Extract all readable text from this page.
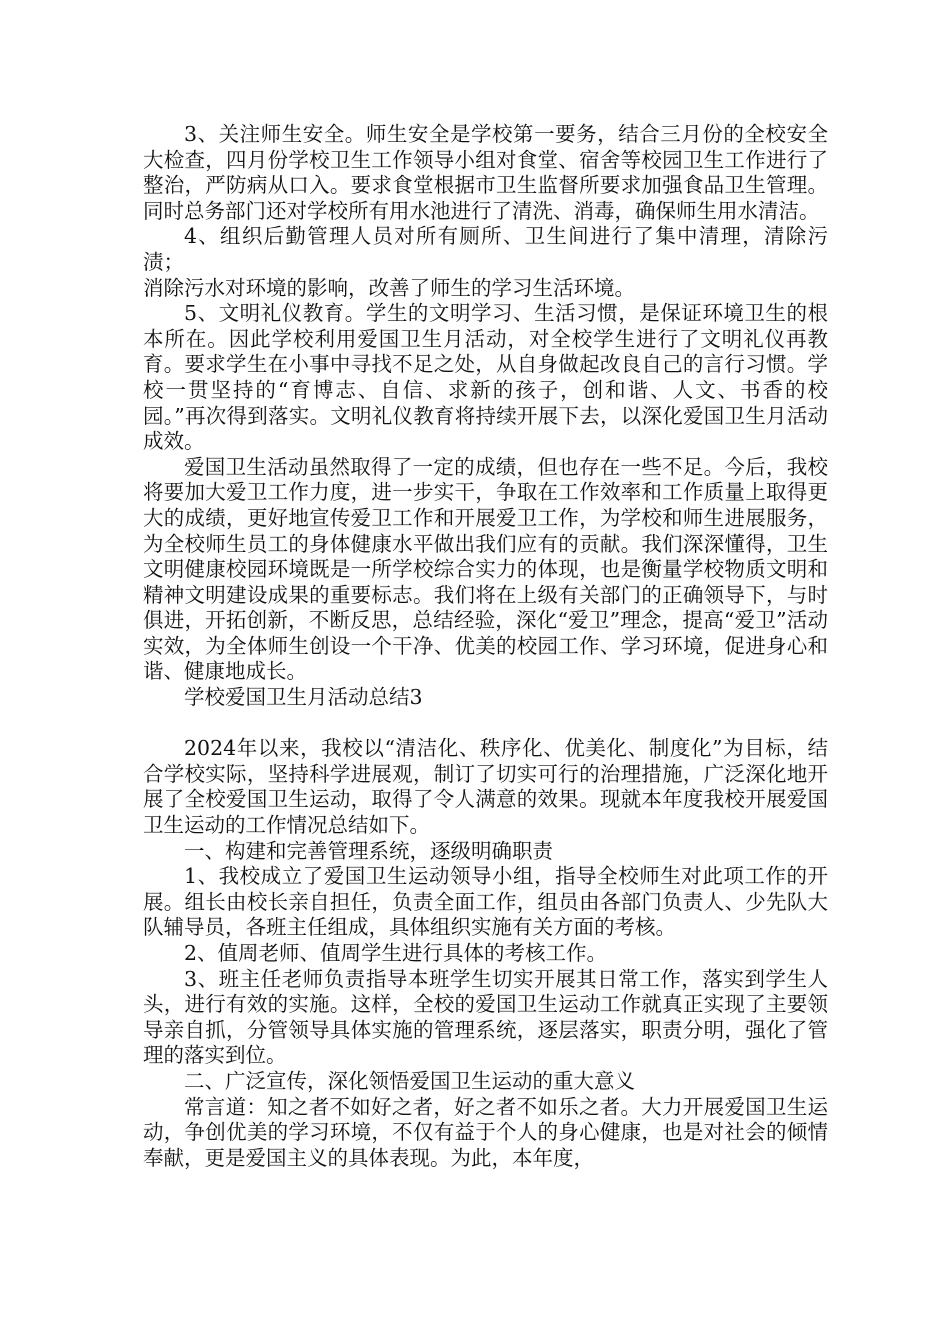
3、关注师生安全。师生安全是学校第一要务，结合三月份的全校安全大检查，四月份学校卫生工作领导小组对食堂、宿舍等校园卫生工作进行了整治，严防病从口入。要求食堂根据市卫生监督所要求加强食品卫生管理。同时总务部门还对学校所有用水池进行了清洗、消毒，确保师生用水清洁。

4、组织后勤管理人员对所有厕所、卫生间进行了集中清理，清除污渍；

消除污水对环境的影响，改善了师生的学习生活环境。

5、文明礼仪教育。学生的文明学习、生活习惯，是保证环境卫生的根本所在。因此学校利用爱国卫生月活动，对全校学生进行了文明礼仪再教育。要求学生在小事中寻找不足之处，从自身做起改良自己的言行习惯。学校一贯坚持的“育博志、自信、求新的孩子，创和谐、人文、书香的校园。”再次得到落实。文明礼仪教育将持续开展下去，以深化爱国卫生月活动成效。

爱国卫生活动虽然取得了一定的成绩，但也存在一些不足。今后，我校将要加大爱卫工作力度，进一步实干，争取在工作效率和工作质量上取得更大的成绩，更好地宣传爱卫工作和开展爱卫工作，为学校和师生进展服务，为全校师生员工的身体健康水平做出我们应有的贡献。我们深深懂得，卫生文明健康校园环境既是一所学校综合实力的体现，也是衡量学校物质文明和精神文明建设成果的重要标志。我们将在上级有关部门的正确领导下，与时俱进，开拓创新，不断反思，总结经验，深化“爱卫”理念，提高“爱卫”活动实效，为全体师生创设一个干净、优美的校园工作、学习环境，促进身心和谐、健康地成长。

学校爱国卫生月活动总结3

2024年以来，我校以“清洁化、秩序化、优美化、制度化”为目标，结合学校实际，坚持科学进展观，制订了切实可行的治理措施，广泛深化地开展了全校爱国卫生运动，取得了令人满意的效果。现就本年度我校开展爱国卫生运动的工作情况总结如下。

一、构建和完善管理系统，逐级明确职责

1、我校成立了爱国卫生运动领导小组，指导全校师生对此项工作的开展。组长由校长亲自担任，负责全面工作，组员由各部门负责人、少先队大队辅导员，各班主任组成，具体组织实施有关方面的考核。

2、值周老师、值周学生进行具体的考核工作。

3、班主任老师负责指导本班学生切实开展其日常工作，落实到学生人头，进行有效的实施。这样，全校的爱国卫生运动工作就真正实现了主要领导亲自抓，分管领导具体实施的管理系统，逐层落实，职责分明，强化了管理的落实到位。

二、广泛宣传，深化领悟爱国卫生运动的重大意义

常言道：知之者不如好之者，好之者不如乐之者。大力开展爱国卫生运动，争创优美的学习环境，不仅有益于个人的身心健康，也是对社会的倾情奉献，更是爱国主义的具体表现。为此，本年度，
